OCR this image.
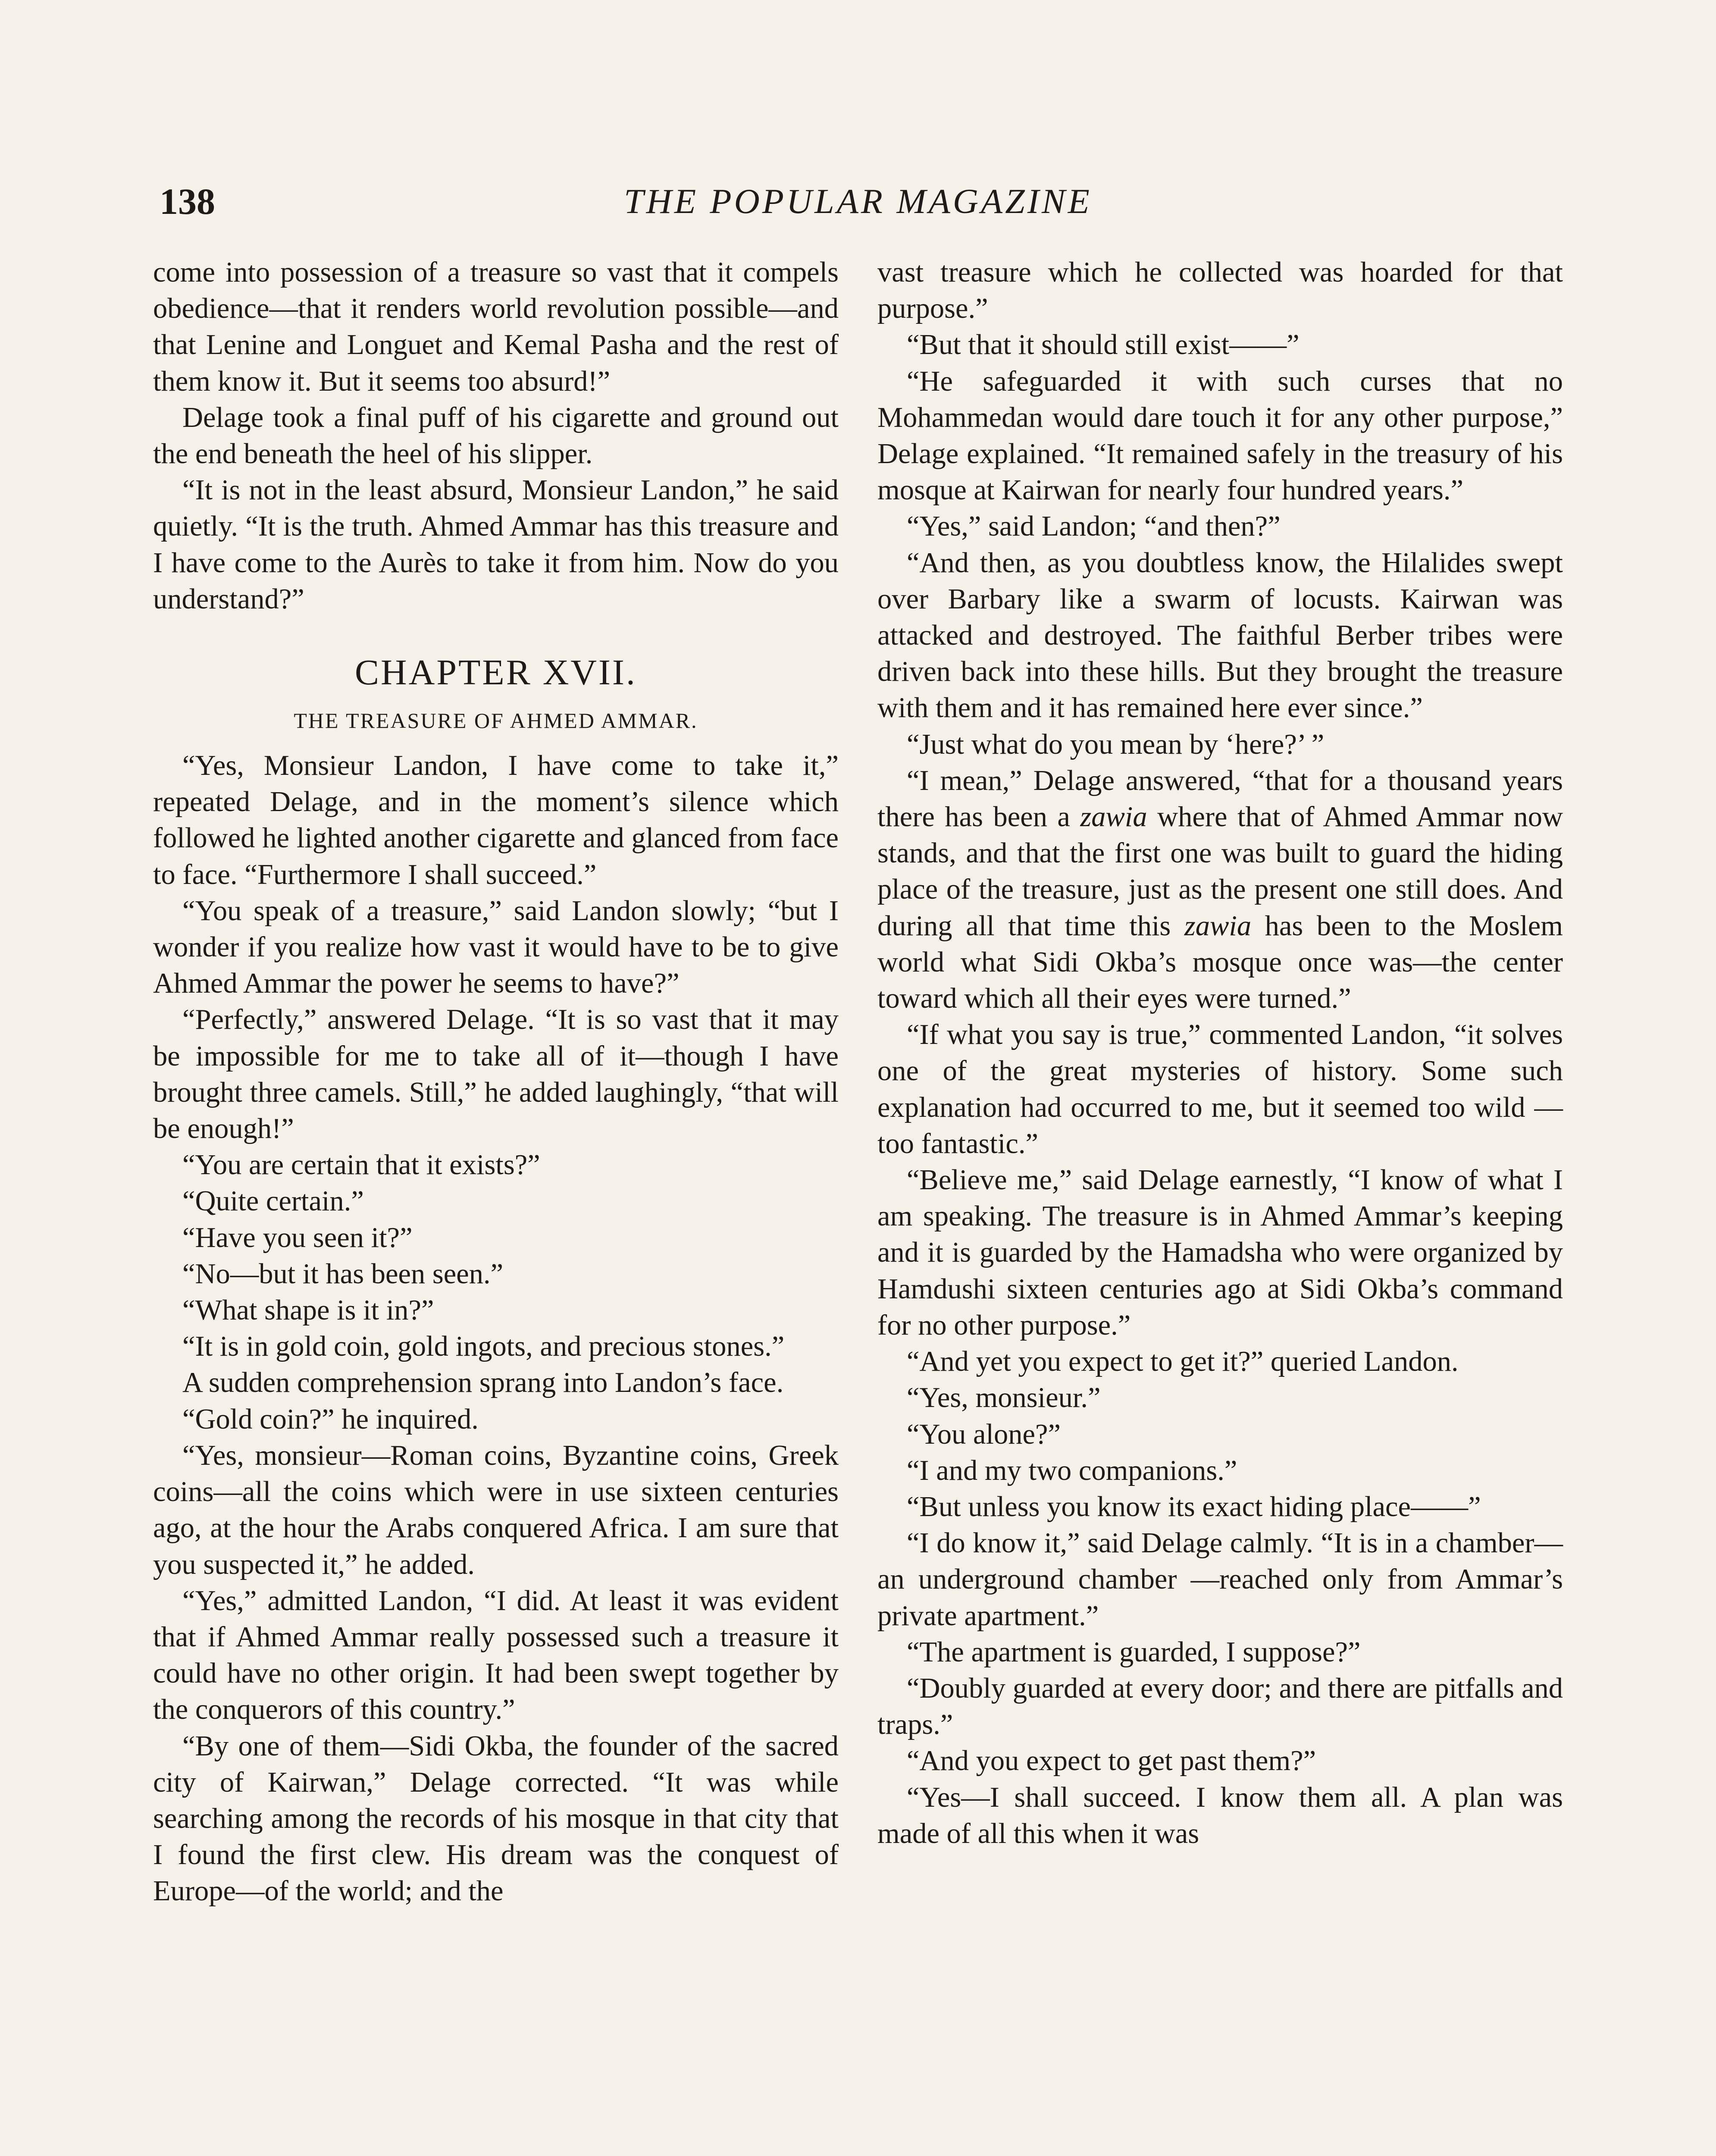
138	THE POPULAR MAGAZINE

come into possession of a treasure so vast that it compels obedience—that it renders world revolution possible—and that Lenine and Longuet and Kemal Pasha and the rest of them know it. But it seems too absurd!”

Delage took a final puff of his cigarette and ground out the end beneath the heel of his slipper.

“It is not in the least absurd, Monsieur Landon,” he said quietly. “It is the truth. Ahmed Ammar has this treasure and I have come to the Aurès to take it from him. Now do you understand?”

CHAPTER XVII.
THE TREASURE OF AHMED AMMAR.

“Yes, Monsieur Landon, I have come to take it,” repeated Delage, and in the moment’s silence which followed he lighted another cigarette and glanced from face to face. “Furthermore I shall succeed.”

“You speak of a treasure,” said Landon slowly; “but I wonder if you realize how vast it would have to be to give Ahmed Ammar the power he seems to have?”

“Perfectly,” answered Delage. “It is so vast that it may be impossible for me to take all of it—though I have brought three camels. Still,” he added laughingly, “that will be enough!”

“You are certain that it exists?”

“Quite certain.”

“Have you seen it?”

“No—but it has been seen.”

“What shape is it in?”

“It is in gold coin, gold ingots, and precious stones.”

A sudden comprehension sprang into Landon’s face.

“Gold coin?” he inquired.

“Yes, monsieur—Roman coins, Byzantine coins, Greek coins—all the coins which were in use sixteen centuries ago, at the hour the Arabs conquered Africa. I am sure that you suspected it,” he added.

“Yes,” admitted Landon, “I did. At least it was evident that if Ahmed Ammar really possessed such a treasure it could have no other origin. It had been swept together by the conquerors of this country.”

“By one of them—Sidi Okba, the founder of the sacred city of Kairwan,” Delage corrected. “It was while searching among the records of his mosque in that city that I found the first clew. His dream was the conquest of Europe—of the world; and the

vast treasure which he collected was hoarded for that purpose.”

“But that it should still exist——”

“He safeguarded it with such curses that no Mohammedan would dare touch it for any other purpose,” Delage explained. “It remained safely in the treasury of his mosque at Kairwan for nearly four hundred years.”

“Yes,” said Landon; “and then?”

“And then, as you doubtless know, the Hilalides swept over Barbary like a swarm of locusts. Kairwan was attacked and destroyed. The faithful Berber tribes were driven back into these hills. But they brought the treasure with them and it has remained here ever since.”

“Just what do you mean by ‘here?’ ”

“I mean,” Delage answered, “that for a thousand years there has been a zawia where that of Ahmed Ammar now stands, and that the first one was built to guard the hiding place of the treasure, just as the present one still does. And during all that time this zawia has been to the Moslem world what Sidi Okba’s mosque once was—the center toward which all their eyes were turned.”

“If what you say is true,” commented Landon, “it solves one of the great mysteries of history. Some such explanation had occurred to me, but it seemed too wild —too fantastic.”

“Believe me,” said Delage earnestly, “I know of what I am speaking. The treasure is in Ahmed Ammar’s keeping and it is guarded by the Hamadsha who were organized by Hamdushi sixteen centuries ago at Sidi Okba’s command for no other purpose.”

“And yet you expect to get it?” queried Landon.

“Yes, monsieur.”

“You alone?”

“I and my two companions.”

“But unless you know its exact hiding place——”

“I do know it,” said Delage calmly. “It is in a chamber—an underground chamber —reached only from Ammar’s private apartment.”

“The apartment is guarded, I suppose?”

“Doubly guarded at every door; and there are pitfalls and traps.”

“And you expect to get past them?”

“Yes—I shall succeed. I know them all. A plan was made of all this when it was
